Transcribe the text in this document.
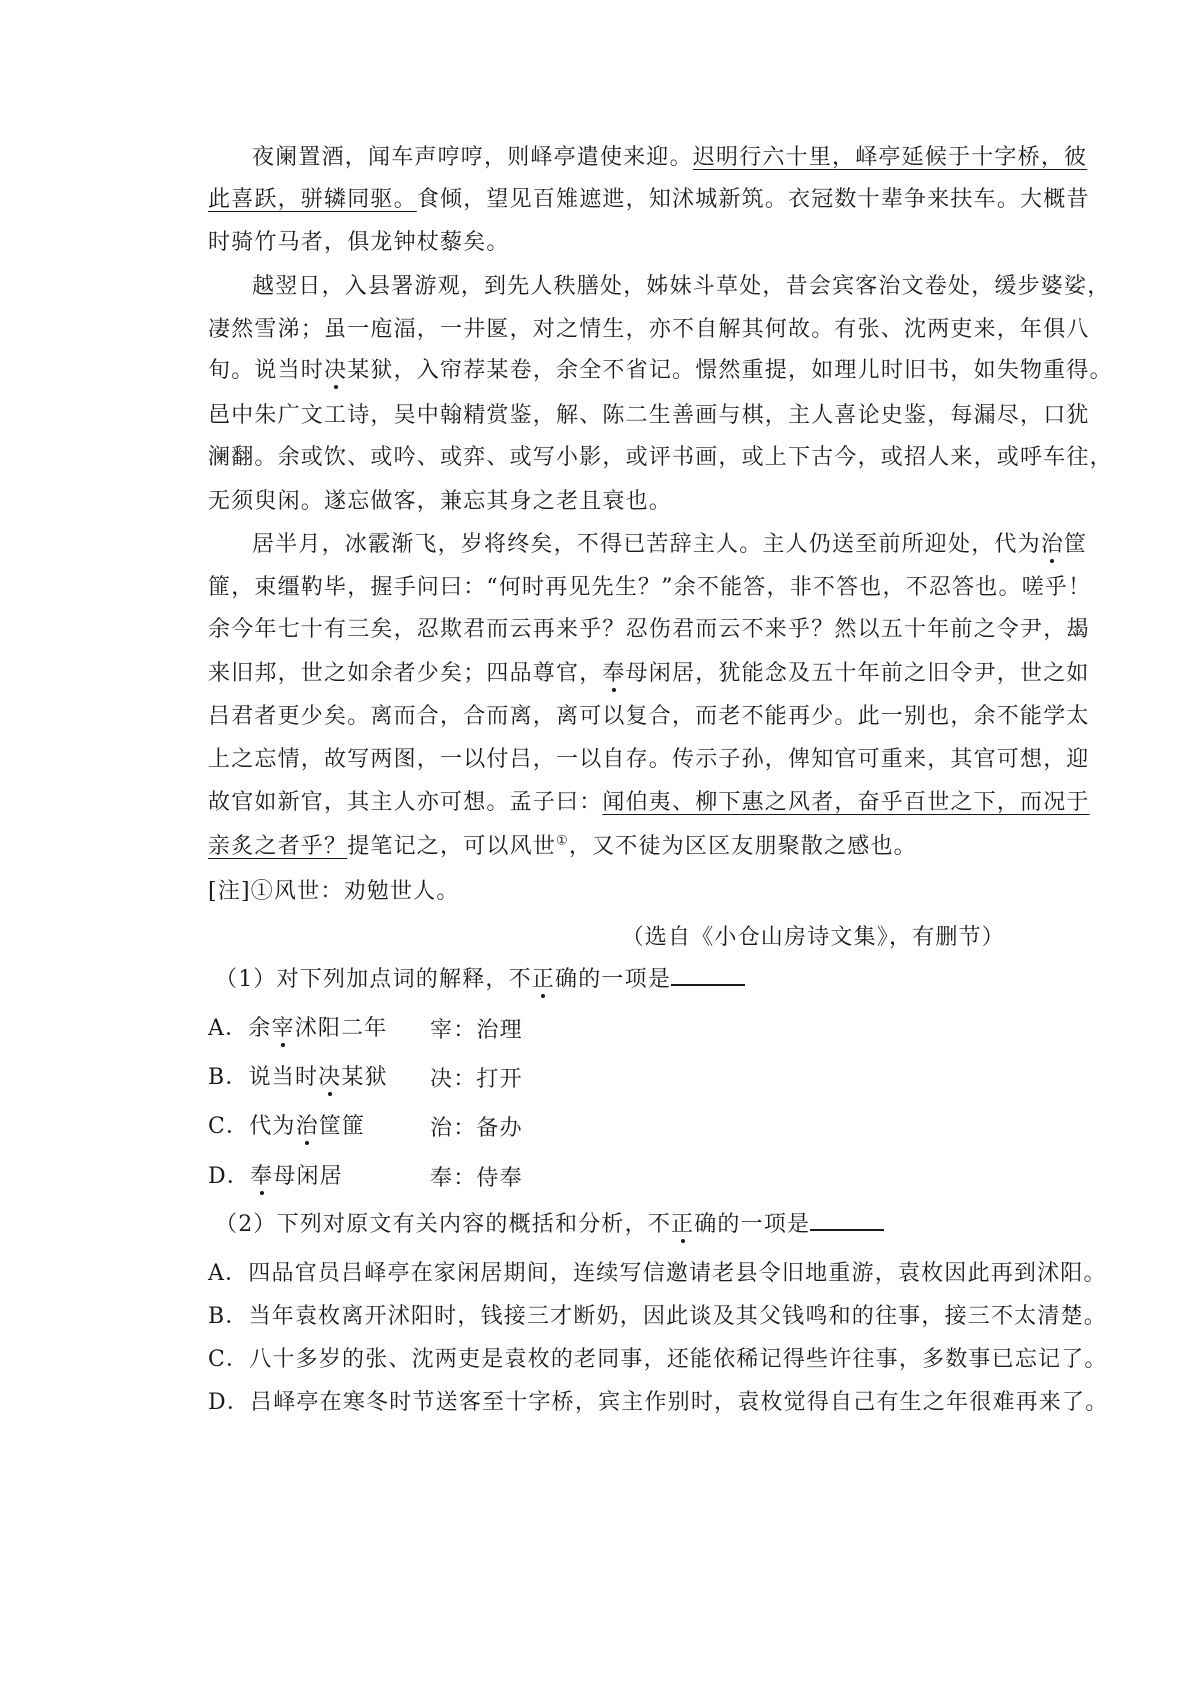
夜阑置酒，闻车声哼哼，则峄亭遣使来迎。迟明行六十里，峄亭延候于十字桥，彼
此喜跃，骈辚同驱。食倾，望见百雉遮迣，知沭城新筑。衣冠数十辈争来扶车。大概昔
时骑竹马者，俱龙钟杖藜矣。
越翌日，入县署游观，到先人秩膳处，姊妹斗草处，昔会宾客治文卷处，缓步婆娑，
凄然雪涕；虽一庖湢，一井匽，对之情生，亦不自解其何故。有张、沈两吏来，年俱八
旬。说当时决某狱，入帘荐某卷，余全不省记。憬然重提，如理儿时旧书，如失物重得。
邑中朱广文工诗，吴中翰精赏鉴，解、陈二生善画与棋，主人喜论史鉴，每漏尽，口犹
澜翻。余或饮、或吟、或弈、或写小影，或评书画，或上下古今，或招人来，或呼车往，
无须臾闲。遂忘做客，兼忘其身之老且衰也。
居半月，冰霰渐飞，岁将终矣，不得已苦辞主人。主人仍送至前所迎处，代为治筐
篚，束缰靮毕，握手问曰：“何时再见先生？”余不能答，非不答也，不忍答也。嗟乎！
余今年七十有三矣，忍欺君而云再来乎？忍伤君而云不来乎？然以五十年前之令尹，朅
来旧邦，世之如余者少矣；四品尊官，奉母闲居，犹能念及五十年前之旧令尹，世之如
吕君者更少矣。离而合，合而离，离可以复合，而老不能再少。此一别也，余不能学太
上之忘情，故写两图，一以付吕，一以自存。传示子孙，俾知官可重来，其官可想，迎
故官如新官，其主人亦可想。孟子曰：闻伯夷、柳下惠之风者，奋乎百世之下，而况于
亲炙之者乎？提笔记之，可以风世①，又不徒为区区友朋聚散之感也。
[注]①风世：劝勉世人。
（选自《小仓山房诗文集》，有删节）
（1）对下列加点词的解释，不正确的一项是
A．余宰沭阳二年 宰：治理
B．说当时决某狱 决：打开
C．代为治筐篚	治：备办
D．奉母闲居	奉：侍奉
（2）下列对原文有关内容的概括和分析，不正确的一项是
A．四品官员吕峄亭在家闲居期间，连续写信邀请老县令旧地重游，袁枚因此再到沭阳。
B．当年袁枚离开沭阳时，钱接三才断奶，因此谈及其父钱鸣和的往事，接三不太清楚。
C．八十多岁的张、沈两吏是袁枚的老同事，还能依稀记得些许往事，多数事已忘记了。
D．吕峄亭在寒冬时节送客至十字桥，宾主作别时，袁枚觉得自己有生之年很难再来了。
